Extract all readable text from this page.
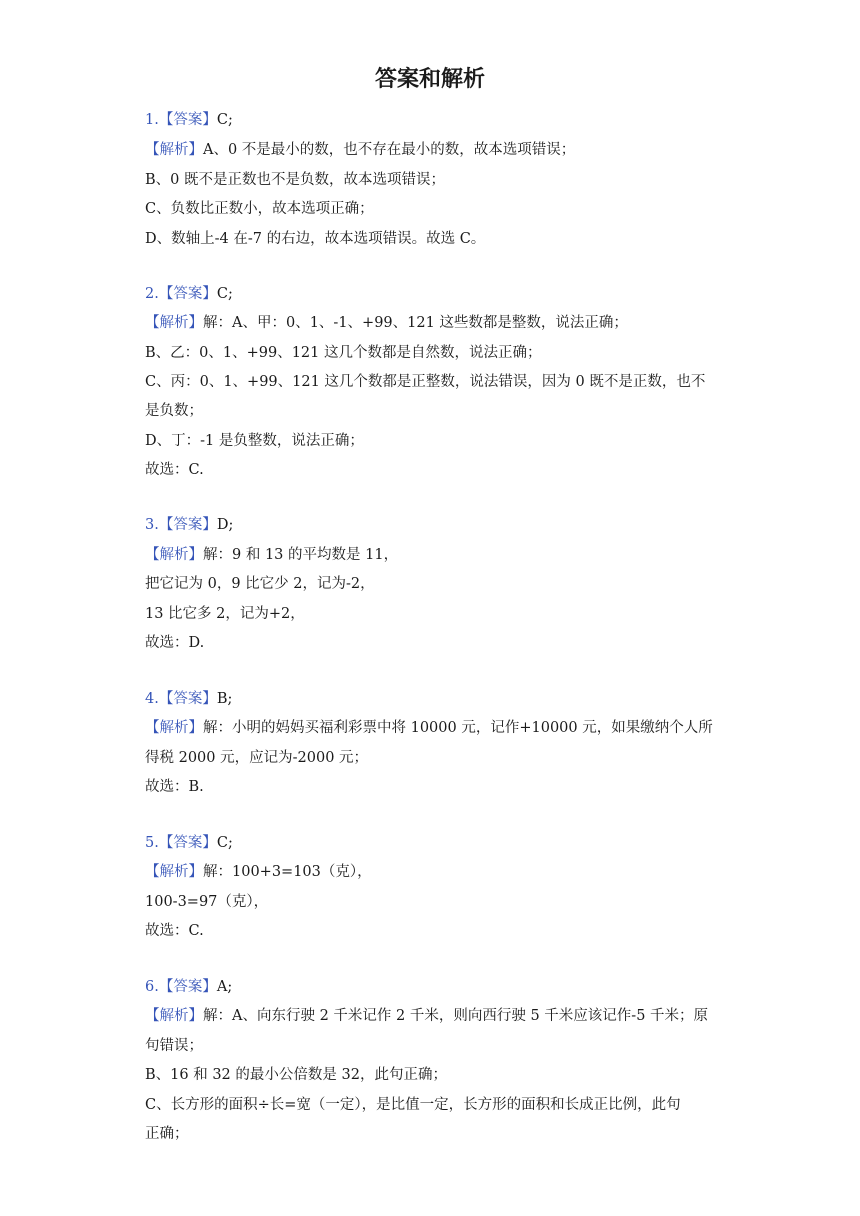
答案和解析
1.【答案】C;
【解析】A、0 不是最小的数，也不存在最小的数，故本选项错误；
B、0 既不是正数也不是负数，故本选项错误；
C、负数比正数小，故本选项正确；
D、数轴上-4 在-7 的右边，故本选项错误。故选 C。
2.【答案】C;
【解析】解：A、甲：0、1、-1、+99、121 这些数都是整数，说法正确；
B、乙：0、1、+99、121 这几个数都是自然数，说法正确；
C、丙：0、1、+99、121 这几个数都是正整数，说法错误，因为 0 既不是正数，也不
是负数；
D、丁：-1 是负整数，说法正确；
故选：C.
3.【答案】D;
【解析】解：9 和 13 的平均数是 11，
把它记为 0，9 比它少 2，记为-2，
13 比它多 2，记为+2，
故选：D.
4.【答案】B;
【解析】解：小明的妈妈买福利彩票中将 10000 元，记作+10000 元，如果缴纳个人所
得税 2000 元，应记为-2000 元；
故选：B.
5.【答案】C;
【解析】解：100+3=103（克），
100-3=97（克），
故选：C.
6.【答案】A;
【解析】解：A、向东行驶 2 千米记作 2 千米，则向西行驶 5 千米应该记作-5 千米；原
句错误；
B、16 和 32 的最小公倍数是 32，此句正确；
C、长方形的面积÷长=宽（一定），是比值一定，长方形的面积和长成正比例，此句
正确；
